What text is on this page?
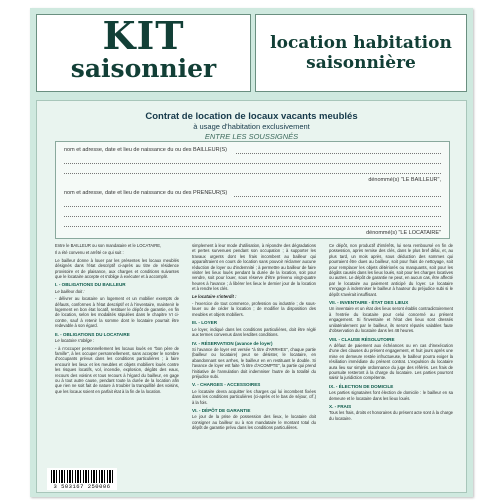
KIT
saisonnier
location habitation
saisonnière
Contrat de location de locaux vacants meublés
à usage d'habitation exclusivement
ENTRE LES SOUSSIGNÉS
nom et adresse, date et lieu de naissance du ou des BAILLEUR(S)
dénommé(s) "LE BAILLEUR",
nom et adresse, date et lieu de naissance du ou des PRENEUR(S)
dénommé(s) "LE LOCATAIRE"

Entre le BAILLEUR ou son mandataire et le LOCATAIRE,

Il a été convenu et arrêté ce qui suit :

Le bailleur donne à louer par les présentes les locaux meublés désignés dans l'état descriptif ci-après au titre de résidence provisoire et de plaisance, aux charges et conditions suivantes que le locataire accepte et s'oblige à exécuter et à accomplir.

I. - OBLIGATIONS DU BAILLEUR

Le bailleur doit :

- délivrer au locataire un logement et un mobilier exempts de défauts, conformes à l'état descriptif et à l'inventaire, maintenir le logement en bon état locatif, restituer le dépôt de garantie, en fin de location, selon les modalités stipulées dans le chapitre VI ci-contre, sauf à retenir la somme dont le locataire pourrait être redevable à son égard.

II. - OBLIGATIONS DU LOCATAIRE

Le locataire s'oblige :

- à n'occuper personnellement les locaux loués en "bon père de famille", à les occuper personnellement, sans accepter le nombre d'occupants prévus dans les conditions particulières ; à faire encourir les lieux et les meubles et objets mobiliers loués contre les risques locatifs, vol, incendie, explosion, dégâts des eaux, recours des voisins et tous recours à l'égard du bailleur, en gage ou à tout autre cause, pendant toute la durée de la location afin que rien ne soit fait de nature à troubler la tranquillité des voisins, que les locaux soient en parfait état à la fin de la location.

simplement à leur mode d'utilisation, à répondre des dégradations et pertes survenues pendant son occupation ; à supporter les travaux urgents dont les frais incombent au bailleur qui apparaîtraient en cours de location sans pouvoir réclamer aucune réduction de loyer ou d'indemnité ; à permettre au bailleur de faire visiter les lieux loués pendant la durée de la location, soit pour vendre, soit pour louer, sous réserve d'être prévenu vingt-quatre heures à l'avance ; à libérer les lieux le dernier jour de la location et à rendre les clés.

Le locataire s'interdit :

- l'exercice de tout commerce, profession ou industrie ; de sous-louer ou de céder la location ; de modifier la disposition des meubles et objets mobiliers.

III. - LOYER

Le loyer, indiqué dans les conditions particulières, doit être réglé aux termes convenus dans lesdites conditions.

IV. - RÉSERVATION (avance de loyer)

Si l'avance de loyer est versée "à titre d'ARRHES", chaque partie (bailleur ou locataire) peut se désister, le locataire, en abandonnant ses arrhes, le bailleur en en restituant le double. Si l'avance de loyer est faite "à titre d'ACOMPTE", la partie qui prend l'initiative de l'annulation doit indemniser l'autre de la totalité du préjudice subi.

V. - CHARGES - ACCESSOIRES

Le locataire devra acquitter les charges qui lui incombent fixées dans les conditions particulières (ci-après et le bas de séjour, c/f.) à la fois.

VI. - DÉPÔT DE GARANTIE

Le jour de la prise de possession des lieux, le locataire doit consigner au bailleur ou à son mandataire le montant total du dépôt de garantie prévu dans les conditions particulières.

Ce dépôt, non productif d'intérêts, lui sera remboursé en fin de possession, après remise des clés, dans le plus bref délai, et, au plus tard, un mois après, sous déduction des sommes qui pourraient être dues au bailleur, soit pour frais de nettoyage, soit pour remplacer les objets détériorés ou manquants, soit pour les dégâts causés dans les lieux loués, soit pour les charges locatives ou autres. Le dépôt de garantie ne peut, en aucun cas, être affecté par le locataire au paiement anticipé du loyer. Le locataire s'engage à indemniser le bailleur à hauteur du préjudice subi si le dépôt s'avérait insuffisant.

VII. - INVENTAIRE - ÉTAT DES LIEUX

Un inventaire et un état des lieux seront établis contradictoirement à l'entrée du locataire pour celui concerné au présent engagement. Si l'inventaire et l'état des lieux sont dressés unilatéralement par le bailleur, ils seront réputés valables faute d'observation du locataire dans les 48 heures.

VIII. - CLAUSE RÉSOLUTOIRE

A défaut de paiement aux échéances ou en cas d'inexécution d'une des clauses du présent engagement, et huit jours après une mise en demeure restée infructueuse, le bailleur pourra exiger la résiliation immédiate du présent contrat. L'expulsion du locataire aura lieu sur simple ordonnance du juge des référés. Les frais de poursuite resteront à la charge du locataire. Les parties pourront saisir la juridiction compétente.

IX. - ÉLECTION DE DOMICILE

Les parties signataires font élection de domicile : le bailleur en sa demeure et le locataire dans les lieux loués.

X. - FRAIS

Tous les frais, droits et honoraires du présent acte sont à la charge du locataire.

3 503167 250006
